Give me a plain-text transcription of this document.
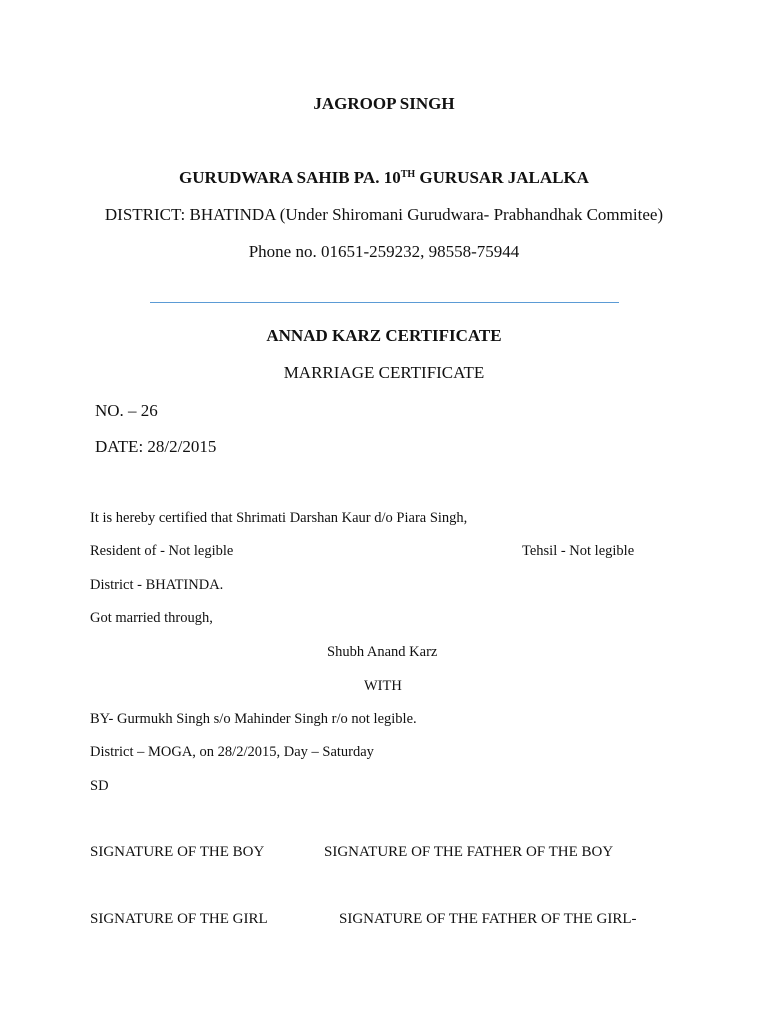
JAGROOP SINGH
GURUDWARA SAHIB PA. 10TH GURUSAR JALALKA
DISTRICT: BHATINDA (Under Shiromani Gurudwara- Prabhandhak Commitee)
Phone no. 01651-259232, 98558-75944
ANNAD KARZ CERTIFICATE
MARRIAGE CERTIFICATE
NO. – 26
DATE: 28/2/2015
It is hereby certified that Shrimati Darshan Kaur d/o Piara Singh,
Resident of - Not legible	Tehsil - Not legible
District - BHATINDA.
Got married through,
Shubh Anand Karz
WITH
BY- Gurmukh Singh s/o Mahinder Singh r/o not legible.
District – MOGA, on 28/2/2015, Day – Saturday
SD
SIGNATURE OF THE BOY	SIGNATURE OF THE FATHER OF THE BOY
SIGNATURE OF THE GIRL	SIGNATURE OF THE FATHER OF THE GIRL-
